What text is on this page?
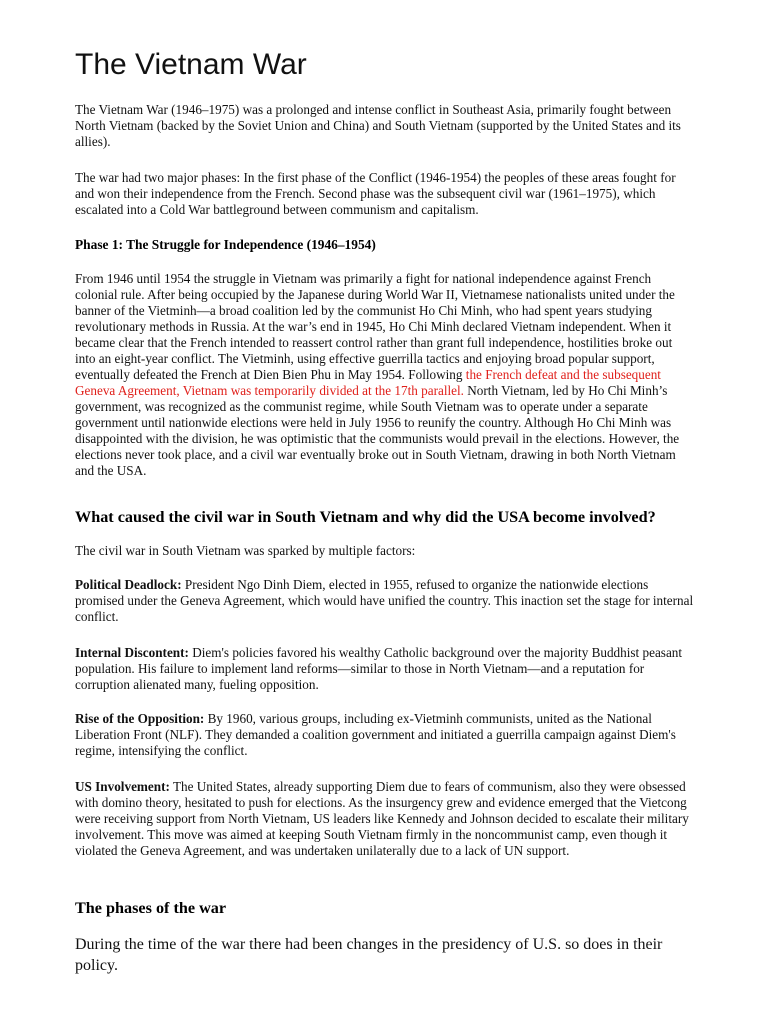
The Vietnam War

The Vietnam War (1946–1975) was a prolonged and intense conflict in Southeast Asia, primarily fought between North Vietnam (backed by the Soviet Union and China) and South Vietnam (supported by the United States and its allies).

The war had two major phases: In the first phase of the Conflict (1946-1954) the peoples of these areas fought for and won their independence from the French. Second phase was the subsequent civil war (1961–1975), which escalated into a Cold War battleground between communism and capitalism.

Phase 1: The Struggle for Independence (1946–1954)

From 1946 until 1954 the struggle in Vietnam was primarily a fight for national independence against French colonial rule. After being occupied by the Japanese during World War II, Vietnamese nationalists united under the banner of the Vietminh—a broad coalition led by the communist Ho Chi Minh, who had spent years studying revolutionary methods in Russia. At the war’s end in 1945, Ho Chi Minh declared Vietnam independent. When it became clear that the French intended to reassert control rather than grant full independence, hostilities broke out into an eight-year conflict. The Vietminh, using effective guerrilla tactics and enjoying broad popular support, eventually defeated the French at Dien Bien Phu in May 1954. Following the French defeat and the subsequent Geneva Agreement, Vietnam was temporarily divided at the 17th parallel. North Vietnam, led by Ho Chi Minh’s government, was recognized as the communist regime, while South Vietnam was to operate under a separate government until nationwide elections were held in July 1956 to reunify the country. Although Ho Chi Minh was disappointed with the division, he was optimistic that the communists would prevail in the elections. However, the elections never took place, and a civil war eventually broke out in South Vietnam, drawing in both North Vietnam and the USA.

What caused the civil war in South Vietnam and why did the USA become involved?

The civil war in South Vietnam was sparked by multiple factors:

Political Deadlock: President Ngo Dinh Diem, elected in 1955, refused to organize the nationwide elections promised under the Geneva Agreement, which would have unified the country. This inaction set the stage for internal conflict.

Internal Discontent: Diem's policies favored his wealthy Catholic background over the majority Buddhist peasant population. His failure to implement land reforms—similar to those in North Vietnam—and a reputation for corruption alienated many, fueling opposition.

Rise of the Opposition: By 1960, various groups, including ex-Vietminh communists, united as the National Liberation Front (NLF). They demanded a coalition government and initiated a guerrilla campaign against Diem's regime, intensifying the conflict.

US Involvement: The United States, already supporting Diem due to fears of communism, also they were obsessed with domino theory, hesitated to push for elections. As the insurgency grew and evidence emerged that the Vietcong were receiving support from North Vietnam, US leaders like Kennedy and Johnson decided to escalate their military involvement. This move was aimed at keeping South Vietnam firmly in the noncommunist camp, even though it violated the Geneva Agreement, and was undertaken unilaterally due to a lack of UN support.

The phases of the war

During the time of the war there had been changes in the presidency of U.S. so does in their policy.
